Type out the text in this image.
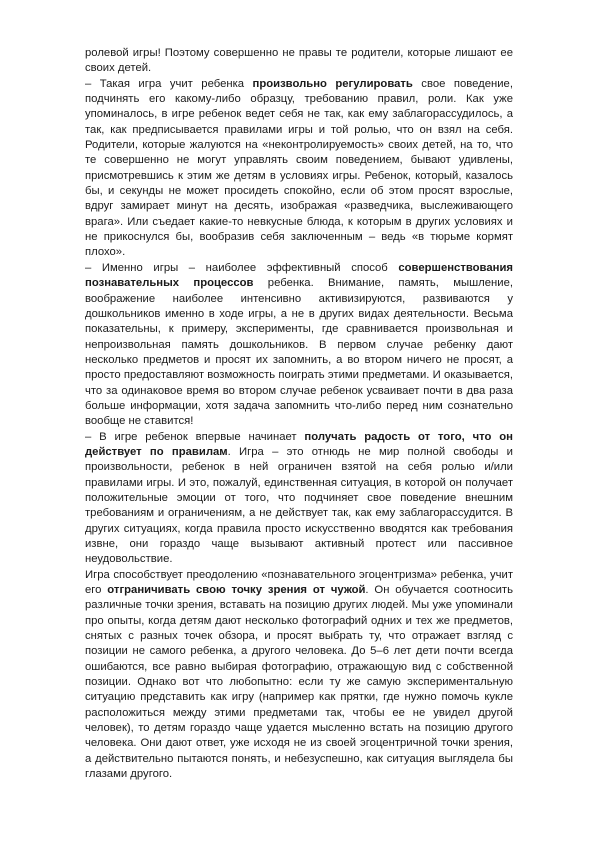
ролевой игры! Поэтому совершенно не правы те родители, которые лишают ее своих детей.

– Такая игра учит ребенка произвольно регулировать свое поведение, подчинять его какому-либо образцу, требованию правил, роли. Как уже упоминалось, в игре ребенок ведет себя не так, как ему заблагорассудилось, а так, как предписывается правилами игры и той ролью, что он взял на себя. Родители, которые жалуются на «неконтролируемость» своих детей, на то, что те совершенно не могут управлять своим поведением, бывают удивлены, присмотревшись к этим же детям в условиях игры. Ребенок, который, казалось бы, и секунды не может просидеть спокойно, если об этом просят взрослые, вдруг замирает минут на десять, изображая «разведчика, выслеживающего врага». Или съедает какие-то невкусные блюда, к которым в других условиях и не прикоснулся бы, вообразив себя заключенным – ведь «в тюрьме кормят плохо».

– Именно игры – наиболее эффективный способ совершенствования познавательных процессов ребенка. Внимание, память, мышление, воображение наиболее интенсивно активизируются, развиваются у дошкольников именно в ходе игры, а не в других видах деятельности. Весьма показательны, к примеру, эксперименты, где сравнивается произвольная и непроизвольная память дошкольников. В первом случае ребенку дают несколько предметов и просят их запомнить, а во втором ничего не просят, а просто предоставляют возможность поиграть этими предметами. И оказывается, что за одинаковое время во втором случае ребенок усваивает почти в два раза больше информации, хотя задача запомнить что-либо перед ним сознательно вообще не ставится!

– В игре ребенок впервые начинает получать радость от того, что он действует по правилам. Игра – это отнюдь не мир полной свободы и произвольности, ребенок в ней ограничен взятой на себя ролью и/или правилами игры. И это, пожалуй, единственная ситуация, в которой он получает положительные эмоции от того, что подчиняет свое поведение внешним требованиям и ограничениям, а не действует так, как ему заблагорассудится. В других ситуациях, когда правила просто искусственно вводятся как требования извне, они гораздо чаще вызывают активный протест или пассивное неудовольствие.

Игра способствует преодолению «познавательного эгоцентризма» ребенка, учит его отграничивать свою точку зрения от чужой. Он обучается соотносить различные точки зрения, вставать на позицию других людей. Мы уже упоминали про опыты, когда детям дают несколько фотографий одних и тех же предметов, снятых с разных точек обзора, и просят выбрать ту, что отражает взгляд с позиции не самого ребенка, а другого человека. До 5–6 лет дети почти всегда ошибаются, все равно выбирая фотографию, отражающую вид с собственной позиции. Однако вот что любопытно: если ту же самую экспериментальную ситуацию представить как игру (например как прятки, где нужно помочь кукле расположиться между этими предметами так, чтобы ее не увидел другой человек), то детям гораздо чаще удается мысленно встать на позицию другого человека. Они дают ответ, уже исходя не из своей эгоцентричной точки зрения, а действительно пытаются понять, и небезуспешно, как ситуация выглядела бы глазами другого.
